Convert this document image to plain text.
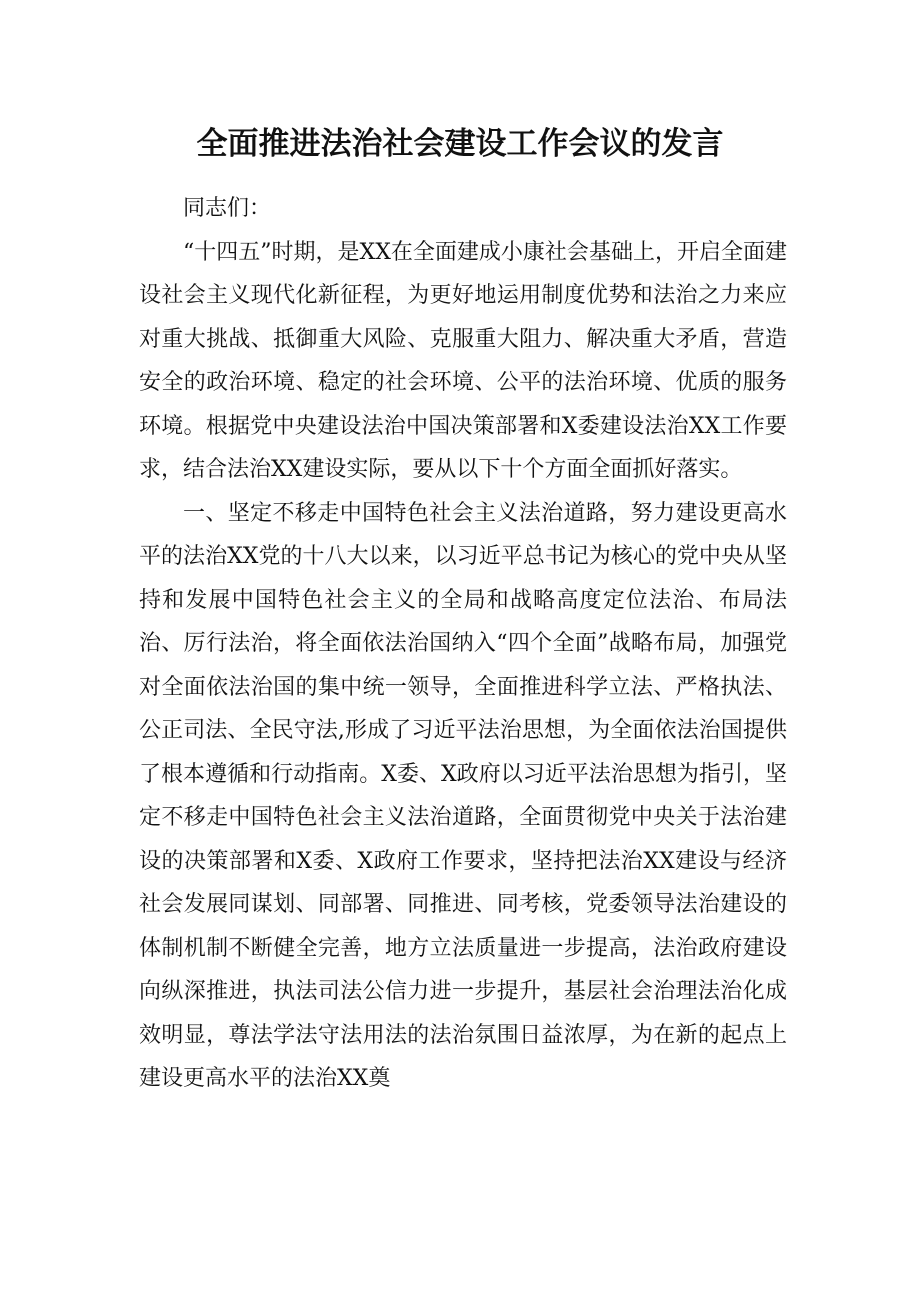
全面推进法治社会建设工作会议的发言

同志们：

“十四五”时期，是XX在全面建成小康社会基础上，开启全面建设社会主义现代化新征程，为更好地运用制度优势和法治之力来应对重大挑战、抵御重大风险、克服重大阻力、解决重大矛盾，营造安全的政治环境、稳定的社会环境、公平的法治环境、优质的服务环境。根据党中央建设法治中国决策部署和X委建设法治XX工作要求，结合法治XX建设实际，要从以下十个方面全面抓好落实。

一、坚定不移走中国特色社会主义法治道路，努力建设更高水平的法治XX党的十八大以来，以习近平总书记为核心的党中央从坚持和发展中国特色社会主义的全局和战略高度定位法治、布局法治、厉行法治，将全面依法治国纳入“四个全面”战略布局，加强党对全面依法治国的集中统一领导，全面推进科学立法、严格执法、公正司法、全民守法,形成了习近平法治思想，为全面依法治国提供了根本遵循和行动指南。X委、X政府以习近平法治思想为指引，坚定不移走中国特色社会主义法治道路，全面贯彻党中央关于法治建设的决策部署和X委、X政府工作要求，坚持把法治XX建设与经济社会发展同谋划、同部署、同推进、同考核，党委领导法治建设的体制机制不断健全完善，地方立法质量进一步提高，法治政府建设向纵深推进，执法司法公信力进一步提升，基层社会治理法治化成效明显，尊法学法守法用法的法治氛围日益浓厚，为在新的起点上建设更高水平的法治XX奠
